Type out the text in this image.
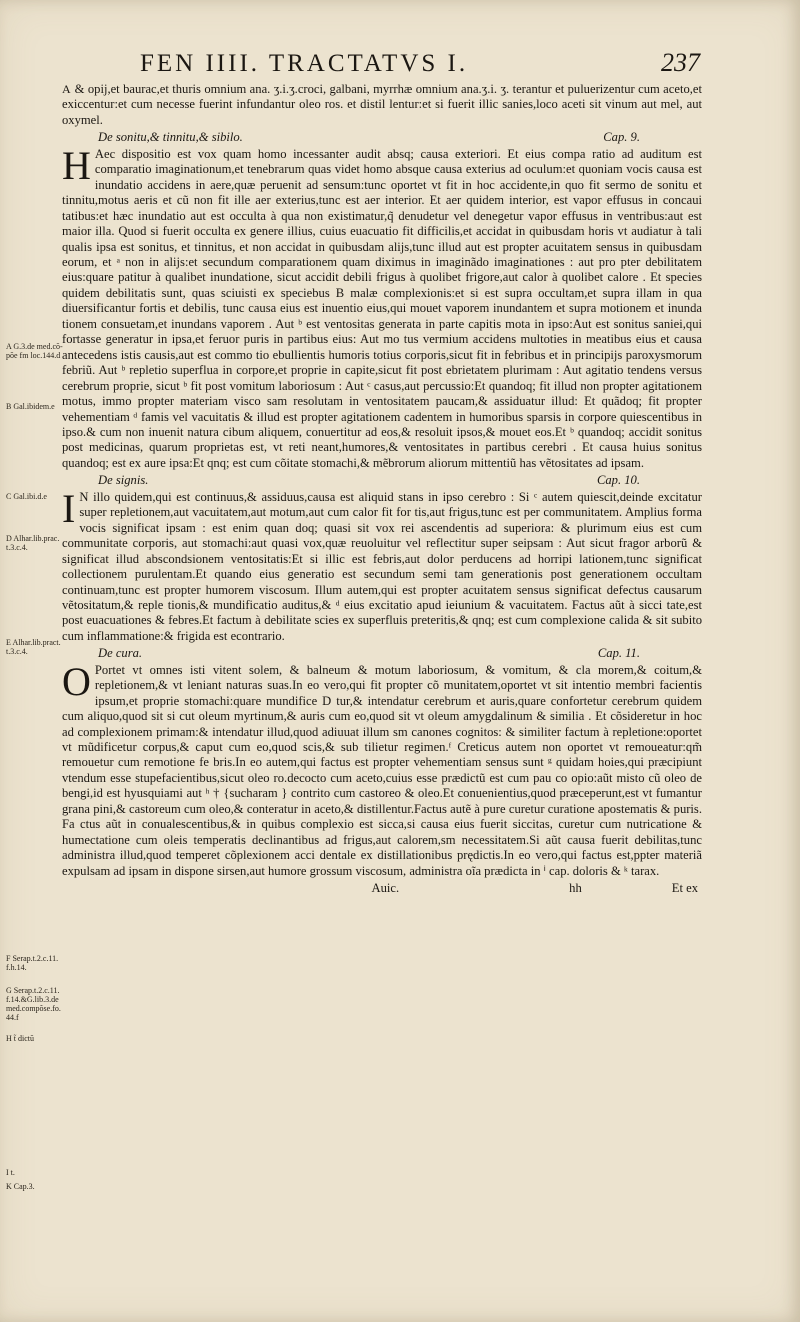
FEN IIII. TRACTATVS I.	237
A G.3.de med.cõ-
põe fm loc.144.d
B Gal.ibidem.e
C Gal.ibi.d.e
D Alhar.lib.prac.
t.3.c.4.
E Alhar.lib.pract.
t.3.c.4.
F Serap.t.2.c.11.
f.h.14.
G Serap.t.2.c.11.
f.14.&G.lib.3.de
med.compõse.fo.
44.f
H t̃ dictũ
I t.
K Cap.3.

A & opij,et baurac,et thuris omnium ana. ʒ.i.ʒ.croci, galbani, myrrhæ omnium ana.ʒ.i. ʒ. terantur et puluerizentur cum aceto,et exiccentur:et cum necesse fuerint infundantur oleo ros. et distil lentur:et si fuerit illic sanies,loco aceti sit vinum aut mel, aut oxymel.

De sonitu,& tinnitu,& sibilo.	Cap. 9.

H Aec dispositio est vox quam homo incessanter audit absq; causa exteriori. Et eius compa ratio ad auditum est comparatio imaginationum,et tenebrarum quas videt homo absque causa exterius ad oculum:et quoniam vocis causa est inundatio accidens in aere,quæ peruenit ad sensum:tunc oportet vt fit in hoc accidente,in quo fit sermo de sonitu et tinnitu,motus aeris et cũ non fit ille aer exterius,tunc est aer interior. Et aer quidem interior, est vapor effusus in concaui tatibus:et hæc inundatio aut est occulta à qua non existimatur,q̃ denudetur vel denegetur vapor effusus in ventribus:aut est maior illa. Quod si fuerit occulta ex genere illius, cuius euacuatio fit difficilis,et accidat in quibusdam horis vt audiatur à tali qualis ipsa est sonitus, et tinnitus, et non accidat in quibusdam alijs,tunc illud aut est propter acuitatem sensus in quibusdam eorum, et ᵃ non in alijs:et secundum comparationem quam diximus in imaginãdo imaginationes : aut pro pter debilitatem eius:quare patitur à qualibet inundatione, sicut accidit debili frigus à quolibet frigore,aut calor à quolibet calore . Et species quidem debilitatis sunt, quas sciuisti ex speciebus B malæ complexionis:et si est supra occultam,et supra illam in qua diuersificantur fortis et debilis, tunc causa eius est inuentio eius,qui mouet vaporem inundantem et supra motionem et inunda tionem consuetam,et inundans vaporem . Aut ᵇ est ventositas generata in parte capitis mota in ipso:Aut est sonitus saniei,qui fortasse generatur in ipsa,et feruor puris in partibus eius: Aut mo tus vermium accidens multoties in meatibus eius et causa antecedens istis causis,aut est commo tio ebullientis humoris totius corporis,sicut fit in febribus et in principijs paroxysmorum febriũ. Aut ᵇ repletio superflua in corpore,et proprie in capite,sicut fit post ebrietatem plurimam : Aut agitatio tendens versus cerebrum proprie, sicut ᵇ fit post vomitum laboriosum : Aut ᶜ casus,aut percussio:Et quandoq; fit illud non propter agitationem motus, immo propter materiam visco sam resolutam in ventositatem paucam,& assiduatur illud: Et quãdoq; fit propter vehementiam ᵈ famis vel vacuitatis & illud est propter agitationem cadentem in humoribus sparsis in corpore quiescentibus in ipso.& cum non inuenit natura cibum aliquem, conuertitur ad eos,& resoluit ipsos,& mouet eos.Et ᵇ quandoq; accidit sonitus post medicinas, quarum proprietas est, vt reti neant,humores,& ventositates in partibus cerebri . Et causa huius sonitus quandoq; est ex aure ipsa:Et qnq; est cum cõitate stomachi,& mẽbrorum aliorum mittentiũ has vẽtositates ad ipsam.

De signis.	Cap. 10.

I N illo quidem,qui est continuus,& assiduus,causa est aliquid stans in ipso cerebro : Si ᶜ autem quiescit,deinde excitatur super repletionem,aut vacuitatem,aut motum,aut cum calor fit for tis,aut frigus,tunc est per communitatem. Amplius forma vocis significat ipsam : est enim quan doq; quasi sit vox rei ascendentis ad superiora: & plurimum eius est cum communitate corporis, aut stomachi:aut quasi vox,quæ reuoluitur vel reflectitur super seipsam : Aut sicut fragor arborũ & significat illud abscondsionem ventositatis:Et si illic est febris,aut dolor perducens ad horripi lationem,tunc significat collectionem purulentam.Et quando eius generatio est secundum semi tam generationis post generationem occultam continuam,tunc est propter humorem viscosum. Illum autem,qui est propter acuitatem sensus significat defectus causarum vẽtositatum,& reple tionis,& mundificatio auditus,& ᵈ eius excitatio apud ieiunium & vacuitatem. Factus aũt à sicci tate,est post euacuationes & febres.Et factum à debilitate scies ex superfluis preteritis,& qnq; est cum complexione calida & sit subito cum inflammatione:& frigida est econtrario.

De cura.	Cap. 11.

O Portet vt omnes isti vitent solem, & balneum & motum laboriosum, & vomitum, & cla morem,& coitum,& repletionem,& vt leniant naturas suas.In eo vero,qui fit propter cõ munitatem,oportet vt sit intentio membri facientis ipsum,et proprie stomachi:quare mundifice D tur,& intendatur cerebrum et auris,quare confortetur cerebrum quidem cum aliquo,quod sit si cut oleum myrtinum,& auris cum eo,quod sit vt oleum amygdalinum & similia . Et cõsideretur in hoc ad complexionem primam:& intendatur illud,quod adiuuat illum sm canones cognitos: & similiter factum à repletione:oportet vt mũdificetur corpus,& caput cum eo,quod scis,& sub tilietur regimen.ᶠ Creticus autem non oportet vt remoueatur:qm̃ remouetur cum remotione fe bris.In eo autem,qui factus est propter vehementiam sensus sunt ᵍ quidam hoies,qui præcipiunt vtendum esse stupefacientibus,sicut oleo ro.decocto cum aceto,cuius esse prædictũ est cum pau co opio:aũt misto cũ oleo de bengi,id est hyusquiami aut ʰ † {sucharam } contrito cum castoreo & oleo.Et conuenientius,quod præceperunt,est vt fumantur grana pini,& castoreum cum oleo,& conteratur in aceto,& distillentur.Factus autẽ à pure curetur curatione apostematis & puris. Fa ctus aũt in conualescentibus,& in quibus complexio est sicca,si causa eius fuerit siccitas, curetur cum nutricatione & humectatione cum oleis temperatis declinantibus ad frigus,aut calorem,sm necessitatem.Si aũt causa fuerit debilitas,tunc administra illud,quod temperet cõplexionem acci dentale ex distillationibus prędictis.In eo vero,qui factus est,ppter materiã expulsam ad ipsam in dispone sirsen,aut humore grossum viscosum, administra oĩa prædicta in ⁱ cap. doloris & ᵏ tarax.

Auic.	hh	Et ex
